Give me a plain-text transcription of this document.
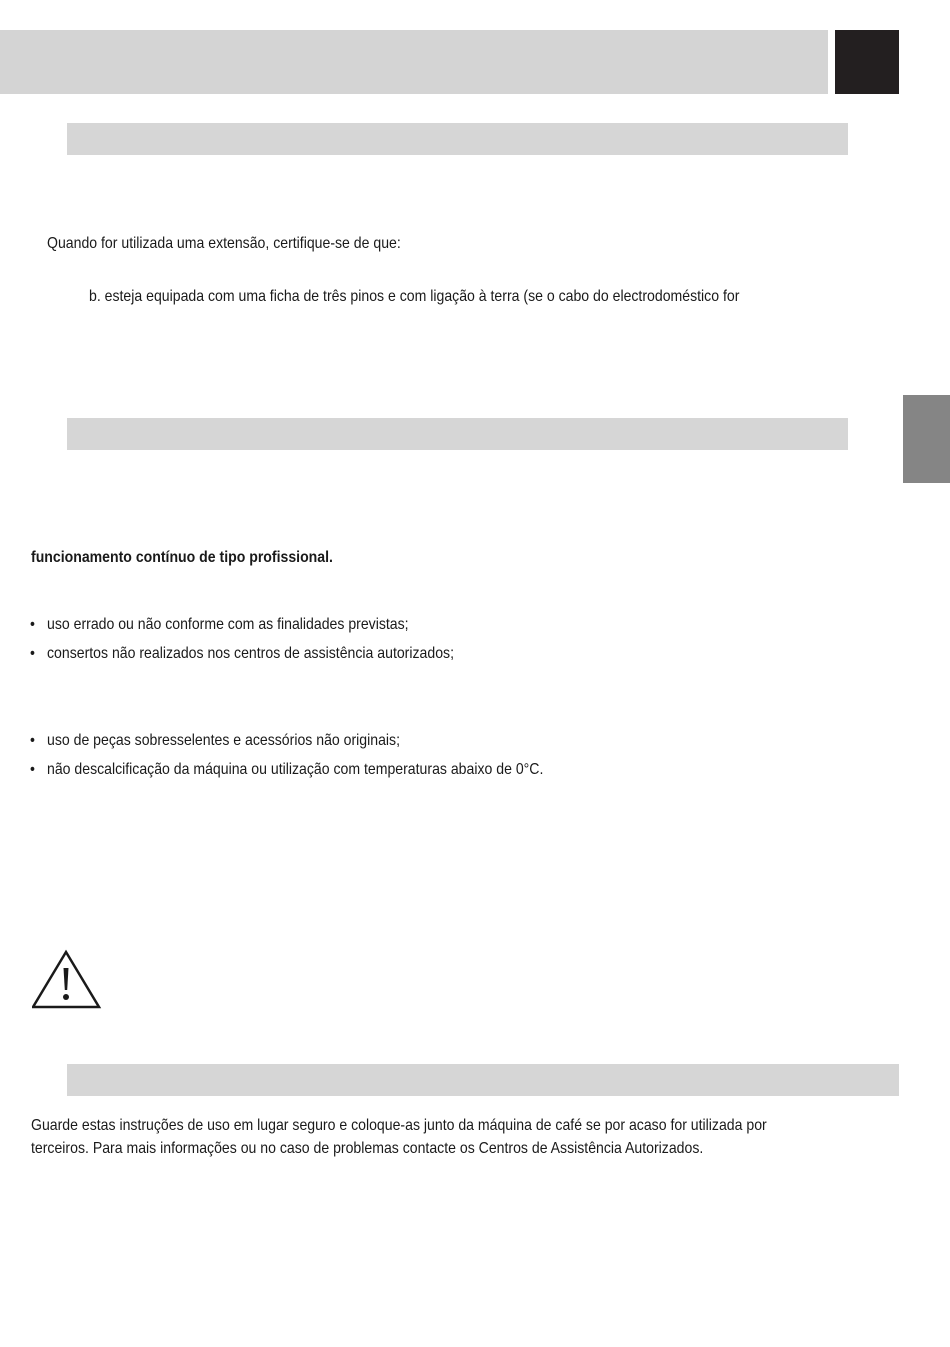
Quando for utilizada uma extensão, certifique-se de que:
b. esteja equipada com uma ficha de três pinos e com ligação à terra (se o cabo do electrodoméstico for
funcionamento contínuo de tipo profissional.
• uso errado ou não conforme com as finalidades previstas;
• consertos não realizados nos centros de assistência autorizados;
• uso de peças sobresselentes e acessórios não originais;
• não descalcificação da máquina ou utilização com temperaturas abaixo de 0°C.
Guarde estas instruções de uso em lugar seguro e coloque-as junto da máquina de café se por acaso for utilizada por
terceiros. Para mais informações ou no caso de problemas contacte os Centros de Assistência Autorizados.
